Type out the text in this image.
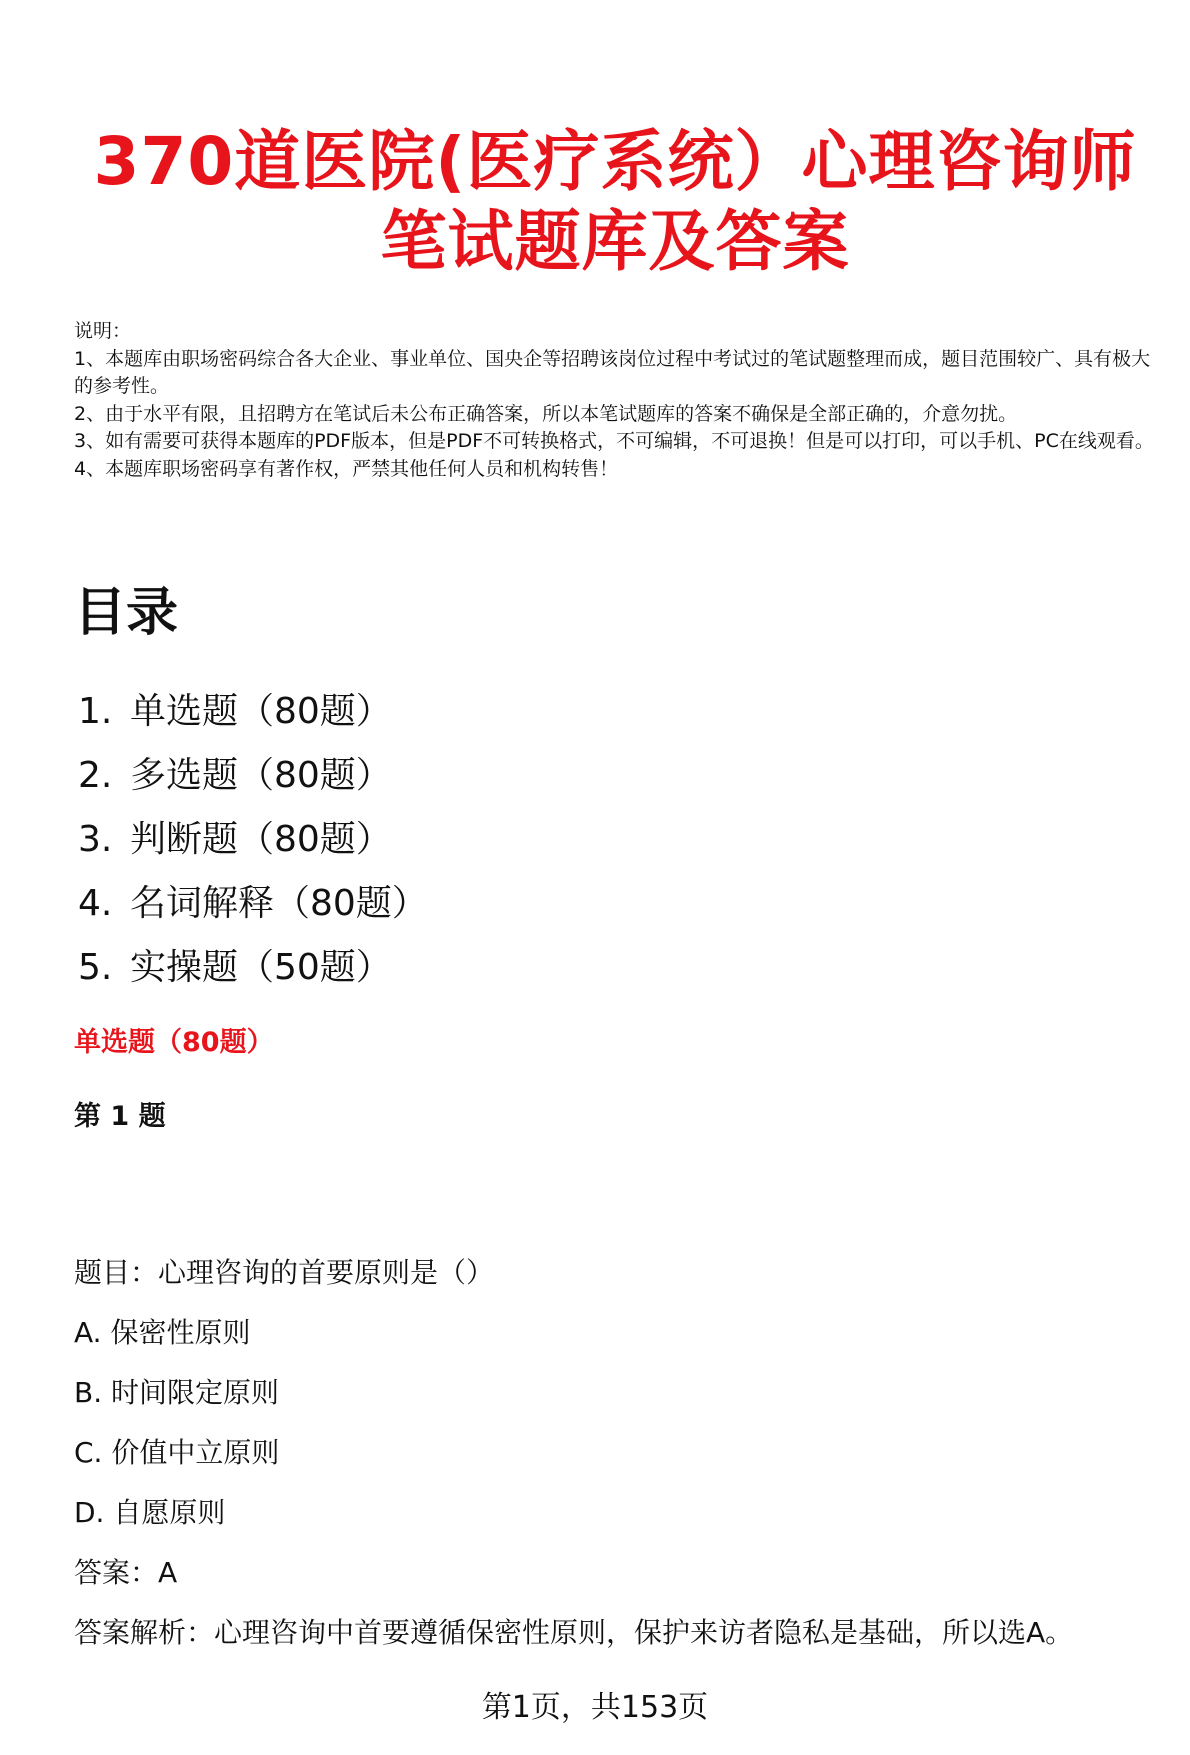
370道医院(医疗系统）心理咨询师
笔试题库及答案

说明：

1、本题库由职场密码综合各大企业、事业单位、国央企等招聘该岗位过程中考试过的笔试题整理而成，题目范围较广、具有极大的参考性。

2、由于水平有限，且招聘方在笔试后未公布正确答案，所以本笔试题库的答案不确保是全部正确的，介意勿扰。

3、如有需要可获得本题库的PDF版本，但是PDF不可转换格式，不可编辑，不可退换！但是可以打印，可以手机、PC在线观看。

4、本题库职场密码享有著作权，严禁其他任何人员和机构转售！

目录
1. 单选题（80题）
2. 多选题（80题）
3. 判断题（80题）
4. 名词解释（80题）
5. 实操题（50题）
单选题（80题）
第 1 题
题目：心理咨询的首要原则是（）
A. 保密性原则
B. 时间限定原则
C. 价值中立原则
D. 自愿原则
答案：A
答案解析：心理咨询中首要遵循保密性原则，保护来访者隐私是基础，所以选A。
第1页，共153页
